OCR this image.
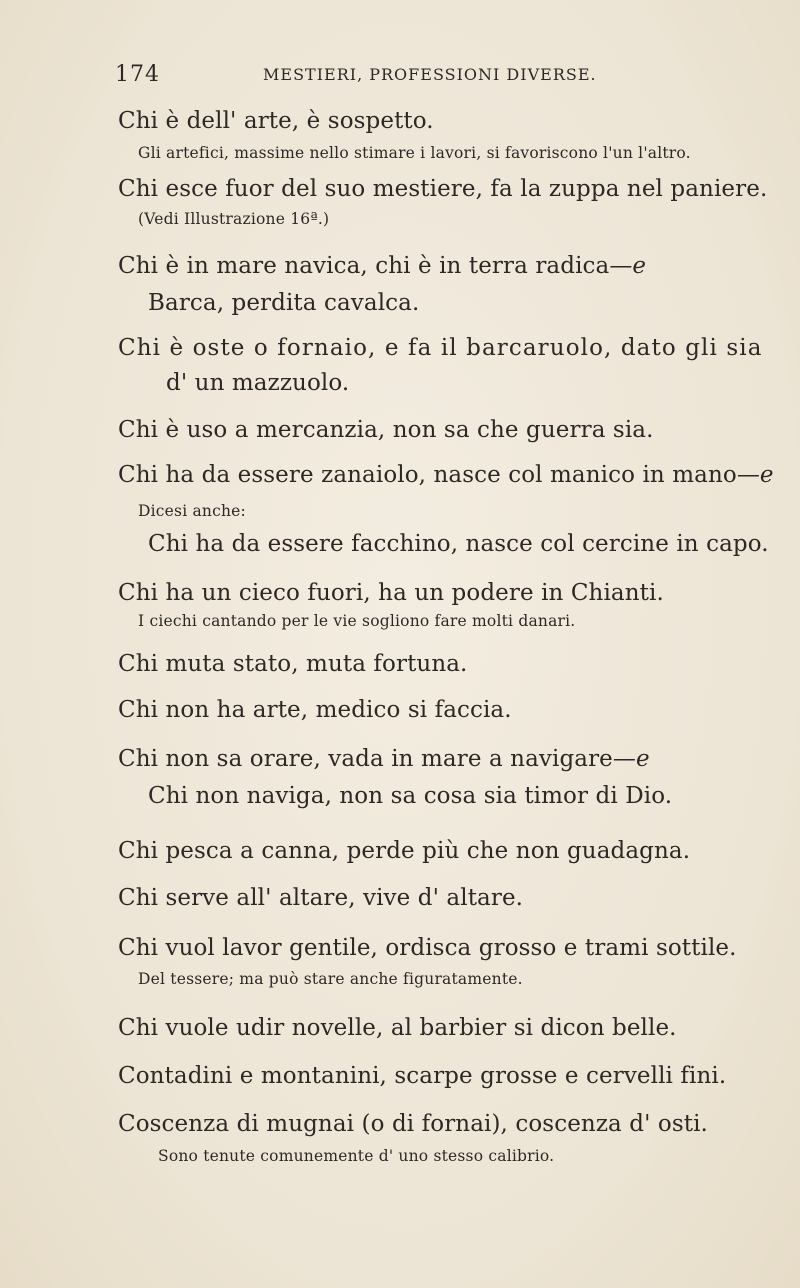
174	MESTIERI, PROFESSIONI DIVERSE.
Chi è dell' arte, è sospetto.
Gli artefici, massime nello stimare i lavori, si favoriscono l'un l'altro.
Chi esce fuor del suo mestiere, fa la zuppa nel paniere.
(Vedi Illustrazione 16ª.)
Chi è in mare navica, chi è in terra radica—e
Barca, perdita cavalca.
Chi è oste o fornaio, e fa il barcaruolo, dato gli sia
d' un mazzuolo.
Chi è uso a mercanzia, non sa che guerra sia.
Chi ha da essere zanaiolo, nasce col manico in mano—e
Dicesi anche:
Chi ha da essere facchino, nasce col cercine in capo.
Chi ha un cieco fuori, ha un podere in Chianti.
I ciechi cantando per le vie sogliono fare molti danari.
Chi muta stato, muta fortuna.
Chi non ha arte, medico si faccia.
Chi non sa orare, vada in mare a navigare—e
Chi non naviga, non sa cosa sia timor di Dio.
Chi pesca a canna, perde più che non guadagna.
Chi serve all' altare, vive d' altare.
Chi vuol lavor gentile, ordisca grosso e trami sottile.
Del tessere; ma può stare anche figuratamente.
Chi vuole udir novelle, al barbier si dicon belle.
Contadini e montanini, scarpe grosse e cervelli fini.
Coscenza di mugnai (o di fornai), coscenza d' osti.
Sono tenute comunemente d' uno stesso calibrio.
